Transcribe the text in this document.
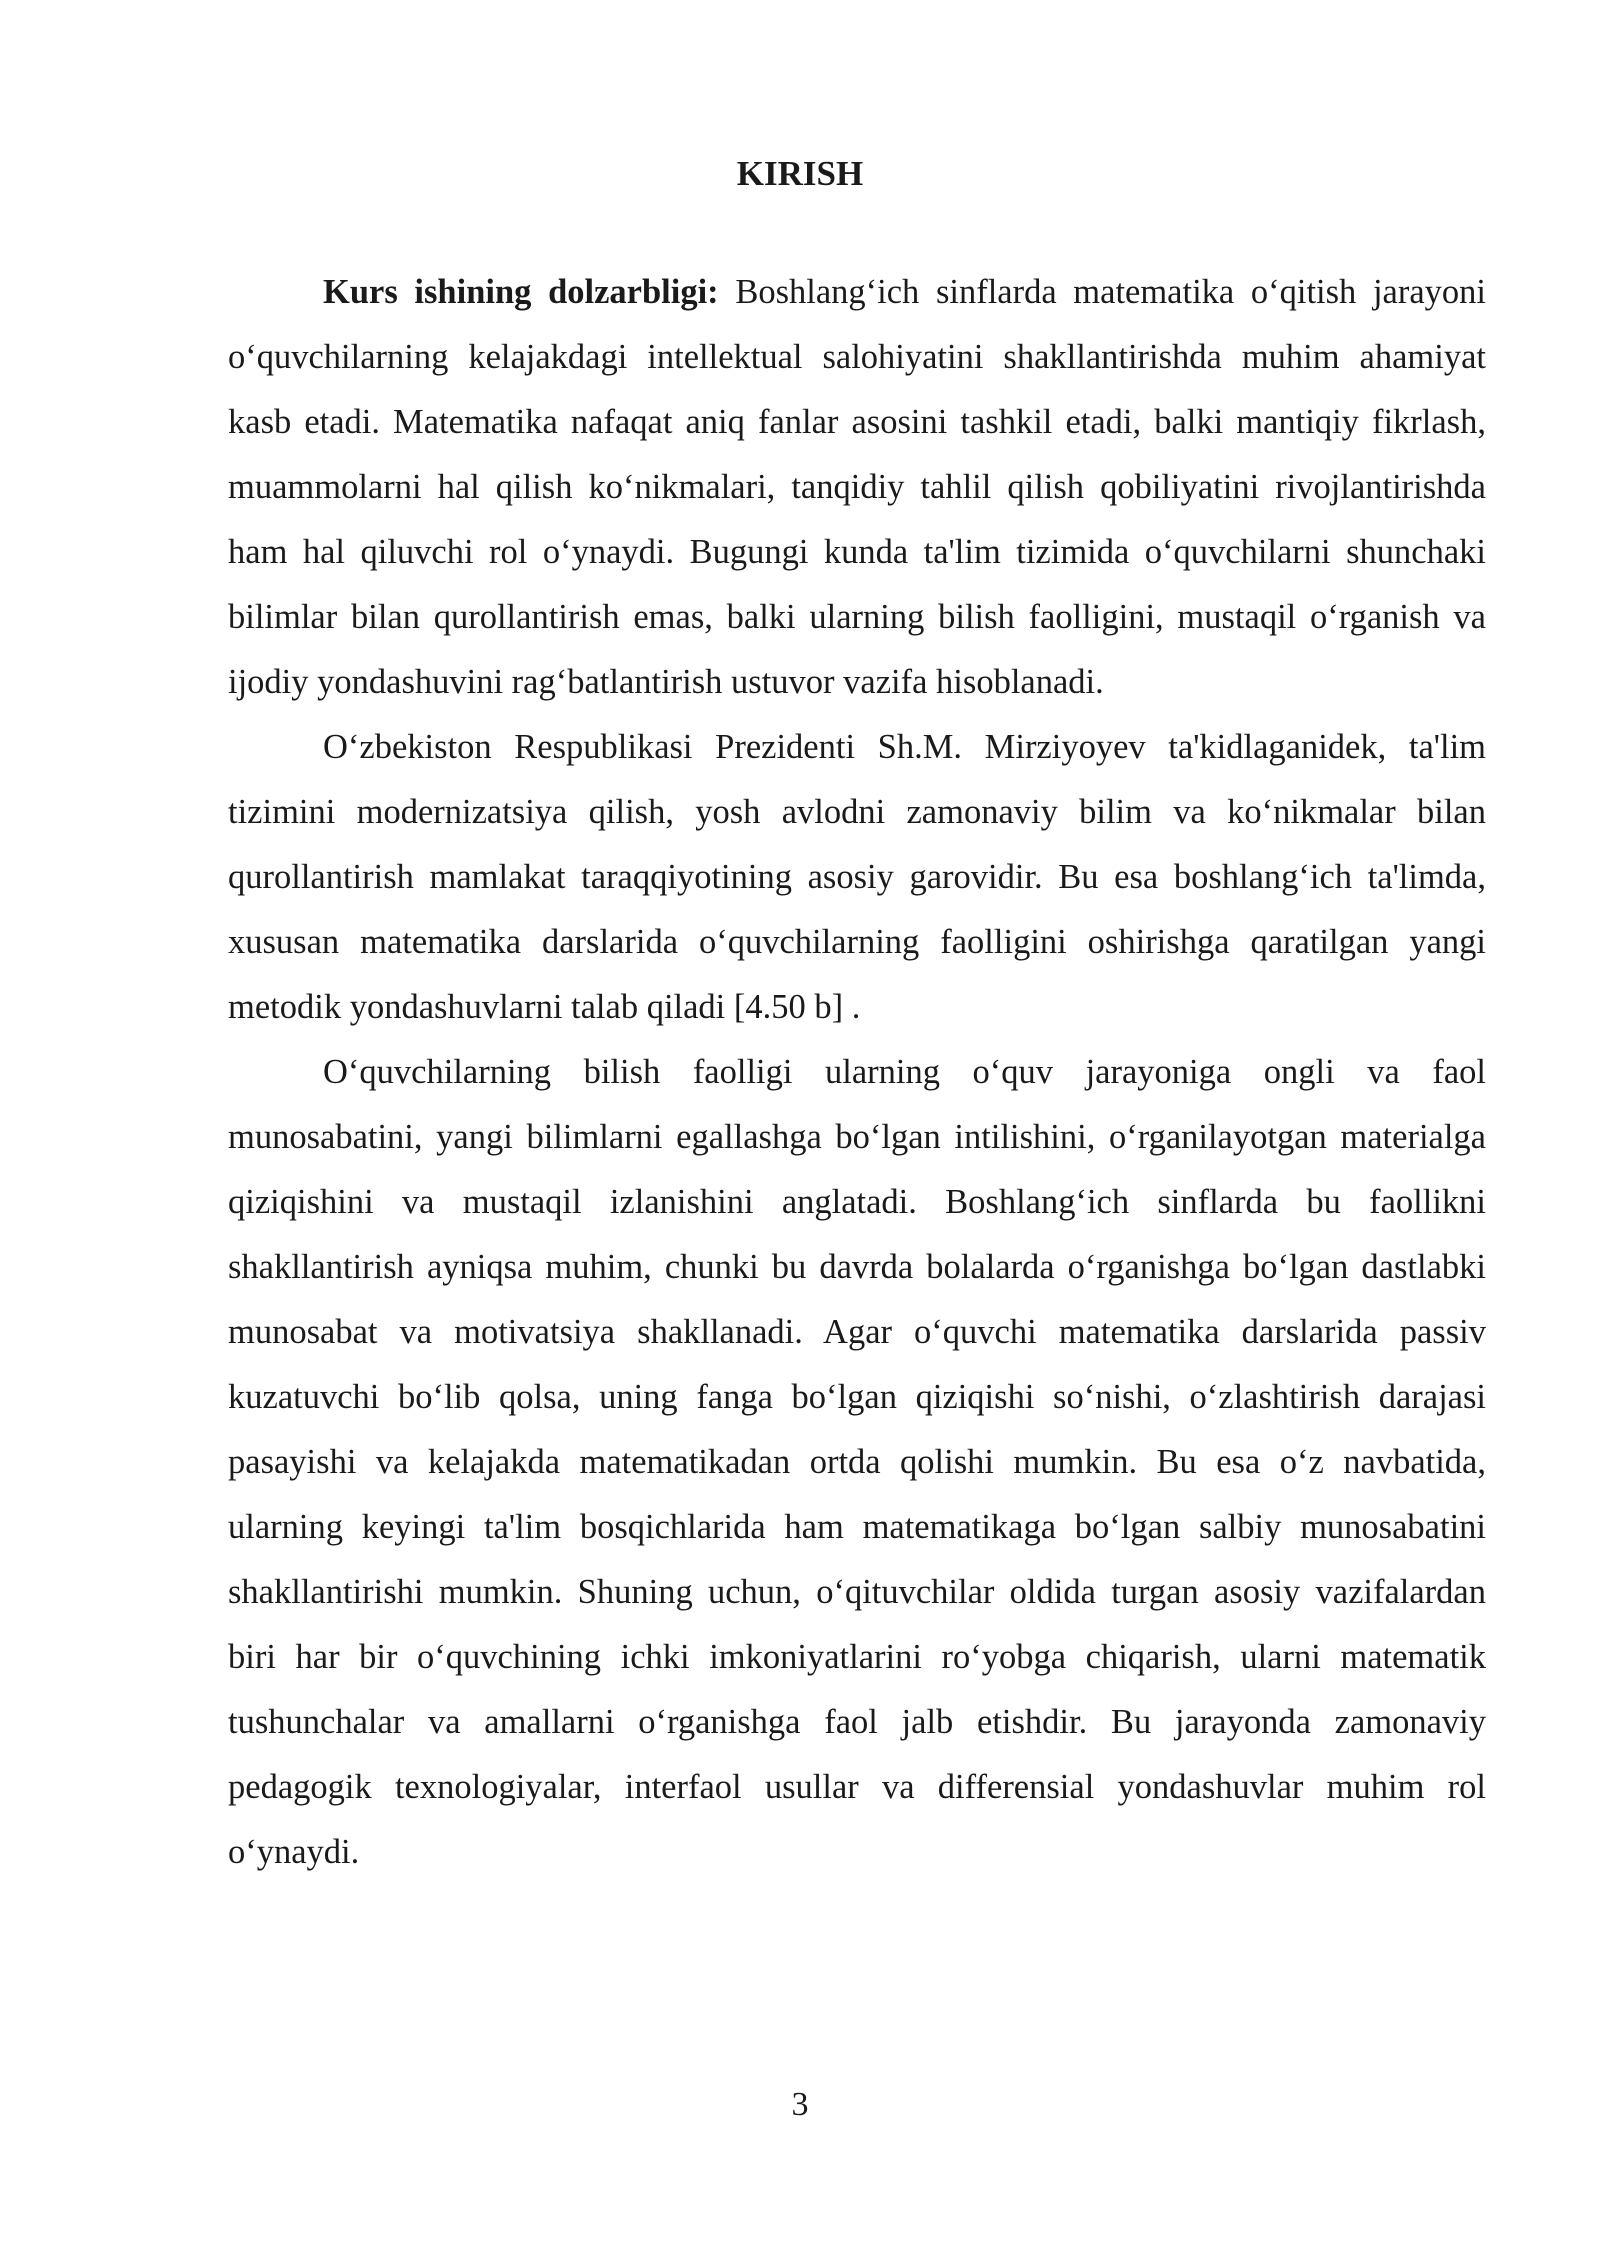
KIRISH

Kurs ishining dolzarbligi: Boshlang‘ich sinflarda matematika o‘qitish jarayoni o‘quvchilarning kelajakdagi intellektual salohiyatini shakllantirishda muhim ahamiyat kasb etadi. Matematika nafaqat aniq fanlar asosini tashkil etadi, balki mantiqiy fikrlash, muammolarni hal qilish ko‘nikmalari, tanqidiy tahlil qilish qobiliyatini rivojlantirishda ham hal qiluvchi rol o‘ynaydi. Bugungi kunda ta'lim tizimida o‘quvchilarni shunchaki bilimlar bilan qurollantirish emas, balki ularning bilish faolligini, mustaqil o‘rganish va ijodiy yondashuvini rag‘batlantirish ustuvor vazifa hisoblanadi.

O‘zbekiston Respublikasi Prezidenti Sh.M. Mirziyoyev ta'kidlaganidek, ta'lim tizimini modernizatsiya qilish, yosh avlodni zamonaviy bilim va ko‘nikmalar bilan qurollantirish mamlakat taraqqiyotining asosiy garovidir. Bu esa boshlang‘ich ta'limda, xususan matematika darslarida o‘quvchilarning faolligini oshirishga qaratilgan yangi metodik yondashuvlarni talab qiladi [4.50 b] .

O‘quvchilarning bilish faolligi ularning o‘quv jarayoniga ongli va faol munosabatini, yangi bilimlarni egallashga bo‘lgan intilishini, o‘rganilayotgan materialga qiziqishini va mustaqil izlanishini anglatadi. Boshlang‘ich sinflarda bu faollikni shakllantirish ayniqsa muhim, chunki bu davrda bolalarda o‘rganishga bo‘lgan dastlabki munosabat va motivatsiya shakllanadi. Agar o‘quvchi matematika darslarida passiv kuzatuvchi bo‘lib qolsa, uning fanga bo‘lgan qiziqishi so‘nishi, o‘zlashtirish darajasi pasayishi va kelajakda matematikadan ortda qolishi mumkin. Bu esa o‘z navbatida, ularning keyingi ta'lim bosqichlarida ham matematikaga bo‘lgan salbiy munosabatini shakllantirishi mumkin. Shuning uchun, o‘qituvchilar oldida turgan asosiy vazifalardan biri har bir o‘quvchining ichki imkoniyatlarini ro‘yobga chiqarish, ularni matematik tushunchalar va amallarni o‘rganishga faol jalb etishdir. Bu jarayonda zamonaviy pedagogik texnologiyalar, interfaol usullar va differensial yondashuvlar muhim rol o‘ynaydi.

3
